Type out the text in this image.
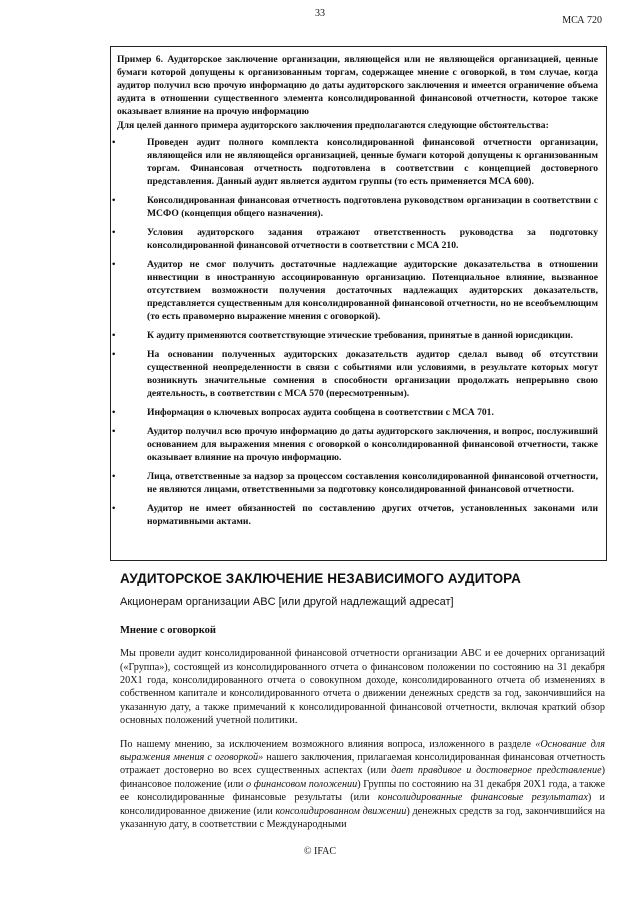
33
МСА 720

Пример 6. Аудиторское заключение организации, являющейся или не являющейся организацией, ценные бумаги которой допущены к организованным торгам, содержащее мнение с оговоркой, в том случае, когда аудитор получил всю прочую информацию до даты аудиторского заключения и имеется ограничение объема аудита в отношении существенного элемента консолидированной финансовой отчетности, которое также оказывает влияние на прочую информацию

Для целей данного примера аудиторского заключения предполагаются следующие обстоятельства:

•	Проведен аудит полного комплекта консолидированной финансовой отчетности организации, являющейся или не являющейся организацией, ценные бумаги которой допущены к организованным торгам. Финансовая отчетность подготовлена в соответствии с концепцией достоверного представления. Данный аудит является аудитом группы (то есть применяется МСА 600).
•	Консолидированная финансовая отчетность подготовлена руководством организации в соответствии с МСФО (концепция общего назначения).
•	Условия аудиторского задания отражают ответственность руководства за подготовку консолидированной финансовой отчетности в соответствии с МСА 210.
•	Аудитор не смог получить достаточные надлежащие аудиторские доказательства в отношении инвестиции в иностранную ассоциированную организацию. Потенциальное влияние, вызванное отсутствием возможности получения достаточных надлежащих аудиторских доказательств, представляется существенным для консолидированной финансовой отчетности, но не всеобъемлющим (то есть правомерно выражение мнения с оговоркой).
•	К аудиту применяются соответствующие этические требования, принятые в данной юрисдикции.
•	На основании полученных аудиторских доказательств аудитор сделал вывод об отсутствии существенной неопределенности в связи с событиями или условиями, в результате которых могут возникнуть значительные сомнения в способности организации продолжать непрерывно свою деятельность, в соответствии с МСА 570 (пересмотренным).
•	Информация о ключевых вопросах аудита сообщена в соответствии с МСА 701.
•	Аудитор получил всю прочую информацию до даты аудиторского заключения, и вопрос, послуживший основанием для выражения мнения с оговоркой о консолидированной финансовой отчетности, также оказывает влияние на прочую информацию.
•	Лица, ответственные за надзор за процессом составления консолидированной финансовой отчетности, не являются лицами, ответственными за подготовку консолидированной финансовой отчетности.
•	Аудитор не имеет обязанностей по составлению других отчетов, установленных законами или нормативными актами.
АУДИТОРСКОЕ ЗАКЛЮЧЕНИЕ НЕЗАВИСИМОГО АУДИТОРА
Акционерам организации ABC [или другой надлежащий адресат]
Мнение с оговоркой

Мы провели аудит консолидированной финансовой отчетности организации ABC и ее дочерних организаций («Группа»), состоящей из консолидированного отчета о финансовом положении по состоянию на 31 декабря 20X1 года, консолидированного отчета о совокупном доходе, консолидированного отчета об изменениях в собственном капитале и консолидированного отчета о движении денежных средств за год, закончившийся на указанную дату, а также примечаний к консолидированной финансовой отчетности, включая краткий обзор основных положений учетной политики.

По нашему мнению, за исключением возможного влияния вопроса, изложенного в разделе «Основание для выражения мнения с оговоркой» нашего заключения, прилагаемая консолидированная финансовая отчетность отражает достоверно во всех существенных аспектах (или дает правдивое и достоверное представление) финансовое положение (или о финансовом положении) Группы по состоянию на 31 декабря 20X1 года, а также ее консолидированные финансовые результаты (или консолидированные финансовые результатах) и консолидированное движение (или консолидированном движении) денежных средств за год, закончившийся на указанную дату, в соответствии с Международными

© IFAC
